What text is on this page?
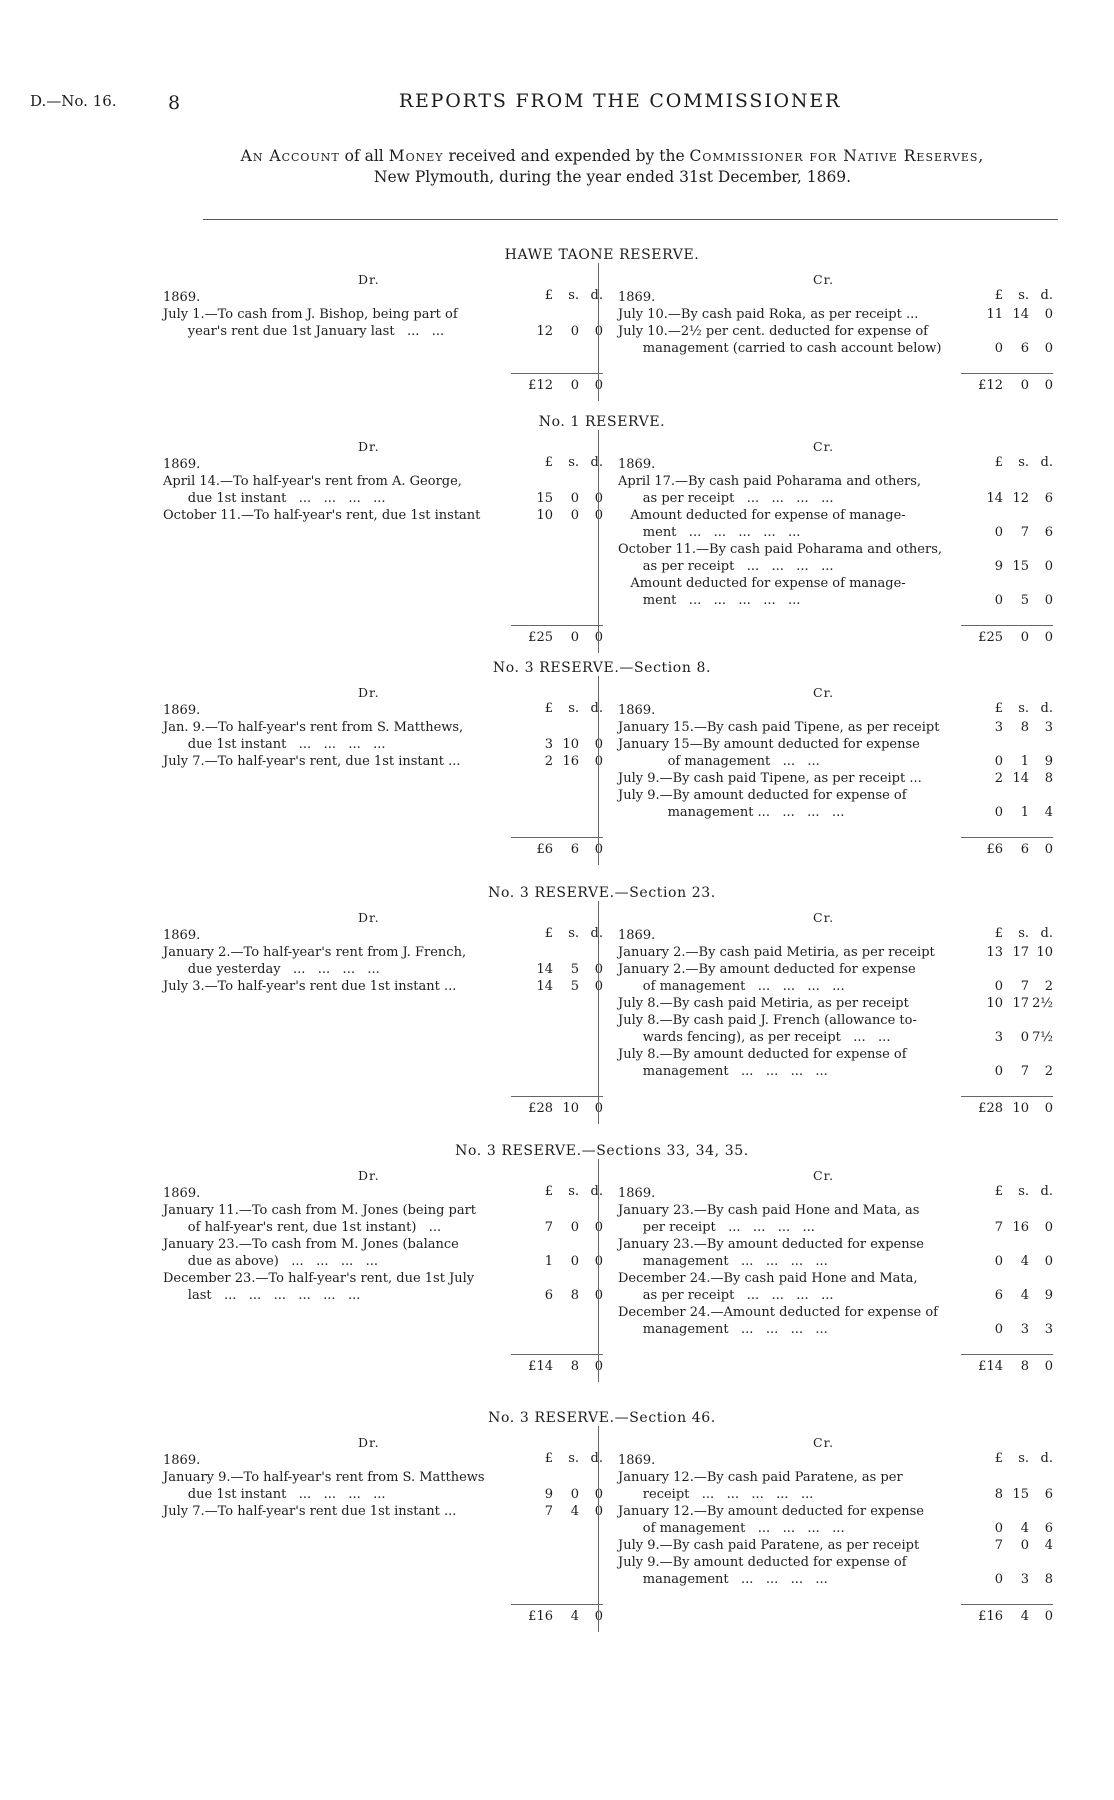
D.—No. 16.	8	REPORTS FROM THE COMMISSIONER
An Account of all Money received and expended by the Commissioner for Native Reserves,
New Plymouth, during the year ended 31st December, 1869.
HAWE TAONE RESERVE.
Dr.
£	s. d.
1869.
July 1.—To cash from J. Bishop, being part of
year's rent due 1st January last   ...   ...	12	0	0
£12	0	0
Cr.
£	s. d.
1869.
July 10.—By cash paid Roka, as per receipt ...	11 14	0
July 10.—2½ per cent. deducted for expense of
management (carried to cash account below)	0	6	0
£12	0	0
No. 1 RESERVE.
Dr.
£	s. d.
1869.
April 14.—To half-year's rent from A. George,
due 1st instant   ...   ...   ...   ...	15	0	0
October 11.—To half-year's rent, due 1st instant	10	0	0
£25	0	0
Cr.
£	s. d.
1869.
April 17.—By cash paid Poharama and others,
as per receipt   ...   ...   ...   ...	14 12	6
Amount deducted for expense of manage-
ment   ...   ...   ...   ...   ...	0	7	6
October 11.—By cash paid Poharama and others,
as per receipt   ...   ...   ...   ...	9 15	0
Amount deducted for expense of manage-
ment   ...   ...   ...   ...   ...	0	5	0
£25	0	0
No. 3 RESERVE.—Section 8.
Dr.
£	s. d.
1869.
Jan. 9.—To half-year's rent from S. Matthews,
due 1st instant   ...   ...   ...   ...	3 10	0
July 7.—To half-year's rent, due 1st instant ...	2 16	0
£6	6	0
Cr.
£	s. d.
1869.
January 15.—By cash paid Tipene, as per receipt	3	8	3
January 15—By amount deducted for expense
of management   ...   ...	0	1	9
July 9.—By cash paid Tipene, as per receipt ...	2 14	8
July 9.—By amount deducted for expense of
management ...   ...   ...   ...	0	1	4
£6	6	0
No. 3 RESERVE.—Section 23.
Dr.
£	s. d.
1869.
January 2.—To half-year's rent from J. French,
due yesterday   ...   ...   ...   ...	14	5	0
July 3.—To half-year's rent due 1st instant ...	14	5	0
£28 10	0
Cr.
£	s. d.
1869.
January 2.—By cash paid Metiria, as per receipt	13 17 10
January 2.—By amount deducted for expense
of management   ...   ...   ...   ...	0	7	2
July 8.—By cash paid Metiria, as per receipt	10 17 2½
July 8.—By cash paid J. French (allowance to-
wards fencing), as per receipt   ...   ...	3	0 7½
July 8.—By amount deducted for expense of
management   ...   ...   ...   ...	0	7	2
£28 10	0
No. 3 RESERVE.—Sections 33, 34, 35.
Dr.
£	s. d.
1869.
January 11.—To cash from M. Jones (being part
of half-year's rent, due 1st instant)   ...	7	0	0
January 23.—To cash from M. Jones (balance
due as above)   ...   ...   ...   ...	1	0	0
December 23.—To half-year's rent, due 1st July
last   ...   ...   ...   ...   ...   ...	6	8	0
£14	8	0
Cr.
£	s. d.
1869.
January 23.—By cash paid Hone and Mata, as
per receipt   ...   ...   ...   ...	7 16	0
January 23.—By amount deducted for expense
management   ...   ...   ...   ...	0	4	0
December 24.—By cash paid Hone and Mata,
as per receipt   ...   ...   ...   ...	6	4	9
December 24.—Amount deducted for expense of
management   ...   ...   ...   ...	0	3	3
£14	8	0
No. 3 RESERVE.—Section 46.
Dr.
£	s. d.
1869.
January 9.—To half-year's rent from S. Matthews
due 1st instant   ...   ...   ...   ...	9	0	0
July 7.—To half-year's rent due 1st instant ...	7	4	0
£16	4	0
Cr.
£	s. d.
1869.
January 12.—By cash paid Paratene, as per
receipt   ...   ...   ...   ...   ...	8 15	6
January 12.—By amount deducted for expense
of management   ...   ...   ...   ...	0	4	6
July 9.—By cash paid Paratene, as per receipt	7	0	4
July 9.—By amount deducted for expense of
management   ...   ...   ...   ...	0	3	8
£16	4	0
